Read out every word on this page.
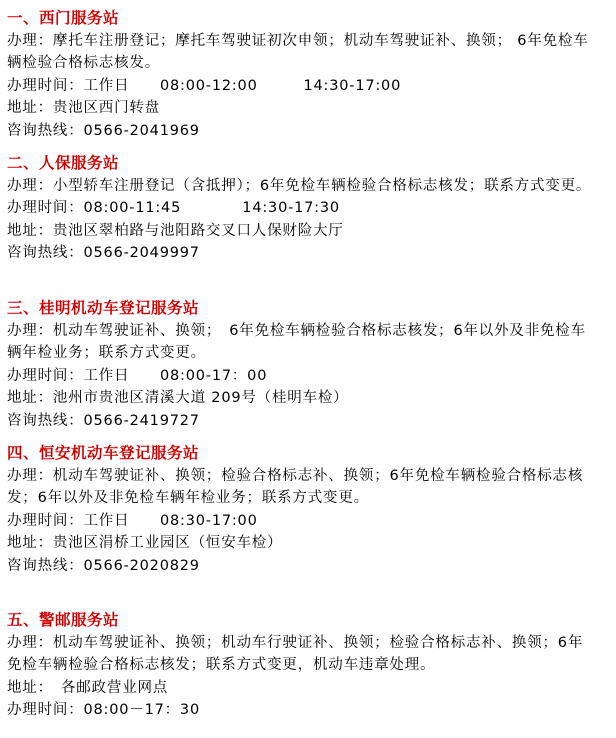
一、西门服务站
办理：摩托车注册登记；摩托车驾驶证初次申领；机动车驾驶证补、换领； 6年免检车辆检验合格标志核发。
办理时间：工作日　　08:00-12:00　　　14:30-17:00
地址：贵池区西门转盘
咨询热线：0566-2041969
二、人保服务站
办理：小型轿车注册登记（含抵押）；6年免检车辆检验合格标志核发；联系方式变更。
办理时间：08:00-11:45　　　　14:30-17:30
地址：贵池区翠柏路与池阳路交叉口人保财险大厅
咨询热线：0566-2049997
三、桂明机动车登记服务站
办理：机动车驾驶证补、换领；　6年免检车辆检验合格标志核发；6年以外及非免检车辆年检业务；联系方式变更。
办理时间：工作日　　08:00-17：00
地址：池州市贵池区清溪大道 209号（桂明车检）
咨询热线：0566-2419727
四、恒安机动车登记服务站
办理：机动车驾驶证补、换领；检验合格标志补、换领；6年免检车辆检验合格标志核发；6年以外及非免检车辆年检业务；联系方式变更。
办理时间：工作日　　08:30-17:00
地址：贵池区涓桥工业园区（恒安车检）
咨询热线：0566-2020829
五、警邮服务站
办理：机动车驾驶证补、换领；机动车行驶证补、换领；检验合格标志补、换领；6年免检车辆检验合格标志核发；联系方式变更，机动车违章处理。
地址：　各邮政营业网点
办理时间：08:00－17：30
